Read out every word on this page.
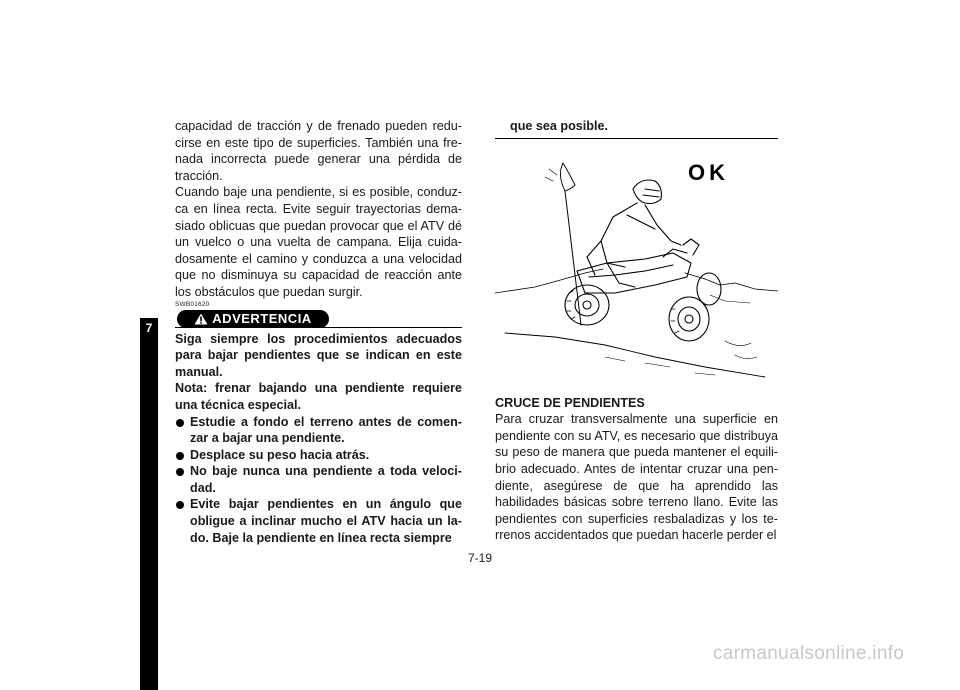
7

capacidad de tracción y de frenado pueden redu-cirse en este tipo de superficies. También una fre-nada incorrecta puede generar una pérdida de tracción.

Cuando baje una pendiente, si es posible, conduz-ca en línea recta. Evite seguir trayectorias dema-siado oblicuas que puedan provocar que el ATV dé un vuelco o una vuelta de campana. Elija cuida-dosamente el camino y conduzca a una velocidad que no disminuya su capacidad de reacción ante los obstáculos que puedan surgir.

SWB01620

ADVERTENCIA

Siga siempre los procedimientos adecuados para bajar pendientes que se indican en este manual.

Nota: frenar bajando una pendiente requiere una técnica especial.

Estudie a fondo el terreno antes de comen-zar a bajar una pendiente.
Desplace su peso hacia atrás.
No baje nunca una pendiente a toda veloci-dad.
Evite bajar pendientes en un ángulo que obligue a inclinar mucho el ATV hacia un la-do. Baje la pendiente en línea recta siempre
que sea posible.
OK
CRUCE DE PENDIENTES

Para cruzar transversalmente una superficie en pendiente con su ATV, es necesario que distribuya su peso de manera que pueda mantener el equili-brio adecuado. Antes de intentar cruzar una pen-diente, asegúrese de que ha aprendido las habilidades básicas sobre terreno llano. Evite las pendientes con superficies resbaladizas y los te-rrenos accidentados que puedan hacerle perder el

7-19
carmanualsonline.info
